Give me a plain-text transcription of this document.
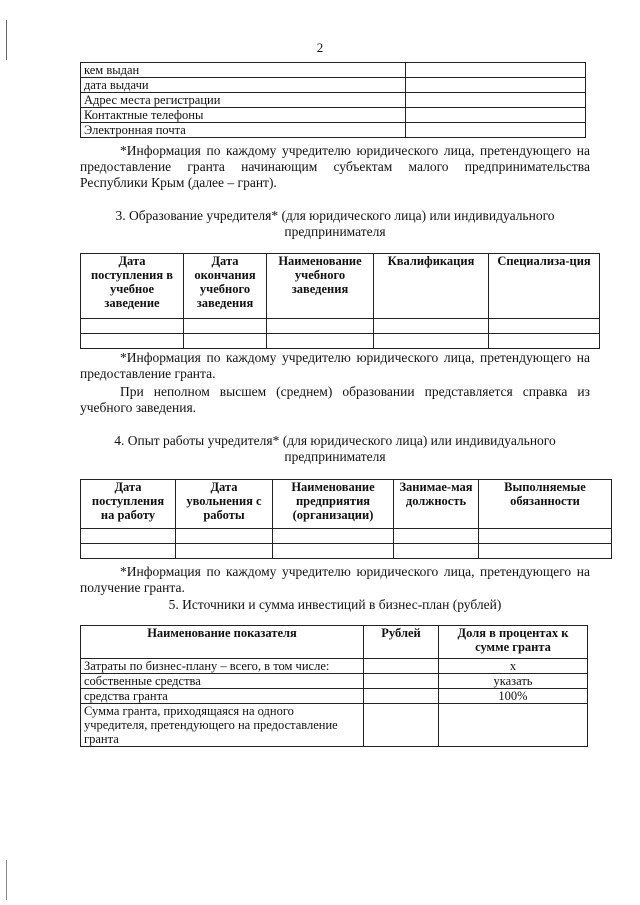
2
кем выдан	
дата выдачи	
Адрес места регистрации	
Контактные телефоны	
Электронная почта	
*Информация по каждому учредителю юридического лица, претендующего на предоставление гранта начинающим субъектам малого предпринимательства Республики Крым (далее – грант).
3. Образование учредителя* (для юридического лица) или индивидуального
предпринимателя
Дата поступления в учебное заведение	Дата окончания учебного заведения	Наименование учебного заведения	Квалификация	Специализа-ция

*Информация по каждому учредителю юридического лица, претендующего на предоставление гранта.
При неполном высшем (среднем) образовании представляется справка из учебного заведения.
4. Опыт работы учредителя* (для юридического лица) или индивидуального
предпринимателя
Дата поступления на работу	Дата увольнения с работы	Наименование предприятия (организации)	Занимае-мая должность	Выполняемые обязанности

*Информация по каждому учредителю юридического лица, претендующего на получение гранта.
5. Источники и сумма инвестиций в бизнес-план (рублей)
Наименование показателя	Рублей	Доля в процентах к сумме гранта
Затраты по бизнес-плану – всего, в том числе:		х
собственные средства		указать
средства гранта		100%
Сумма гранта, приходящаяся на одного учредителя, претендующего на предоставление гранта		
